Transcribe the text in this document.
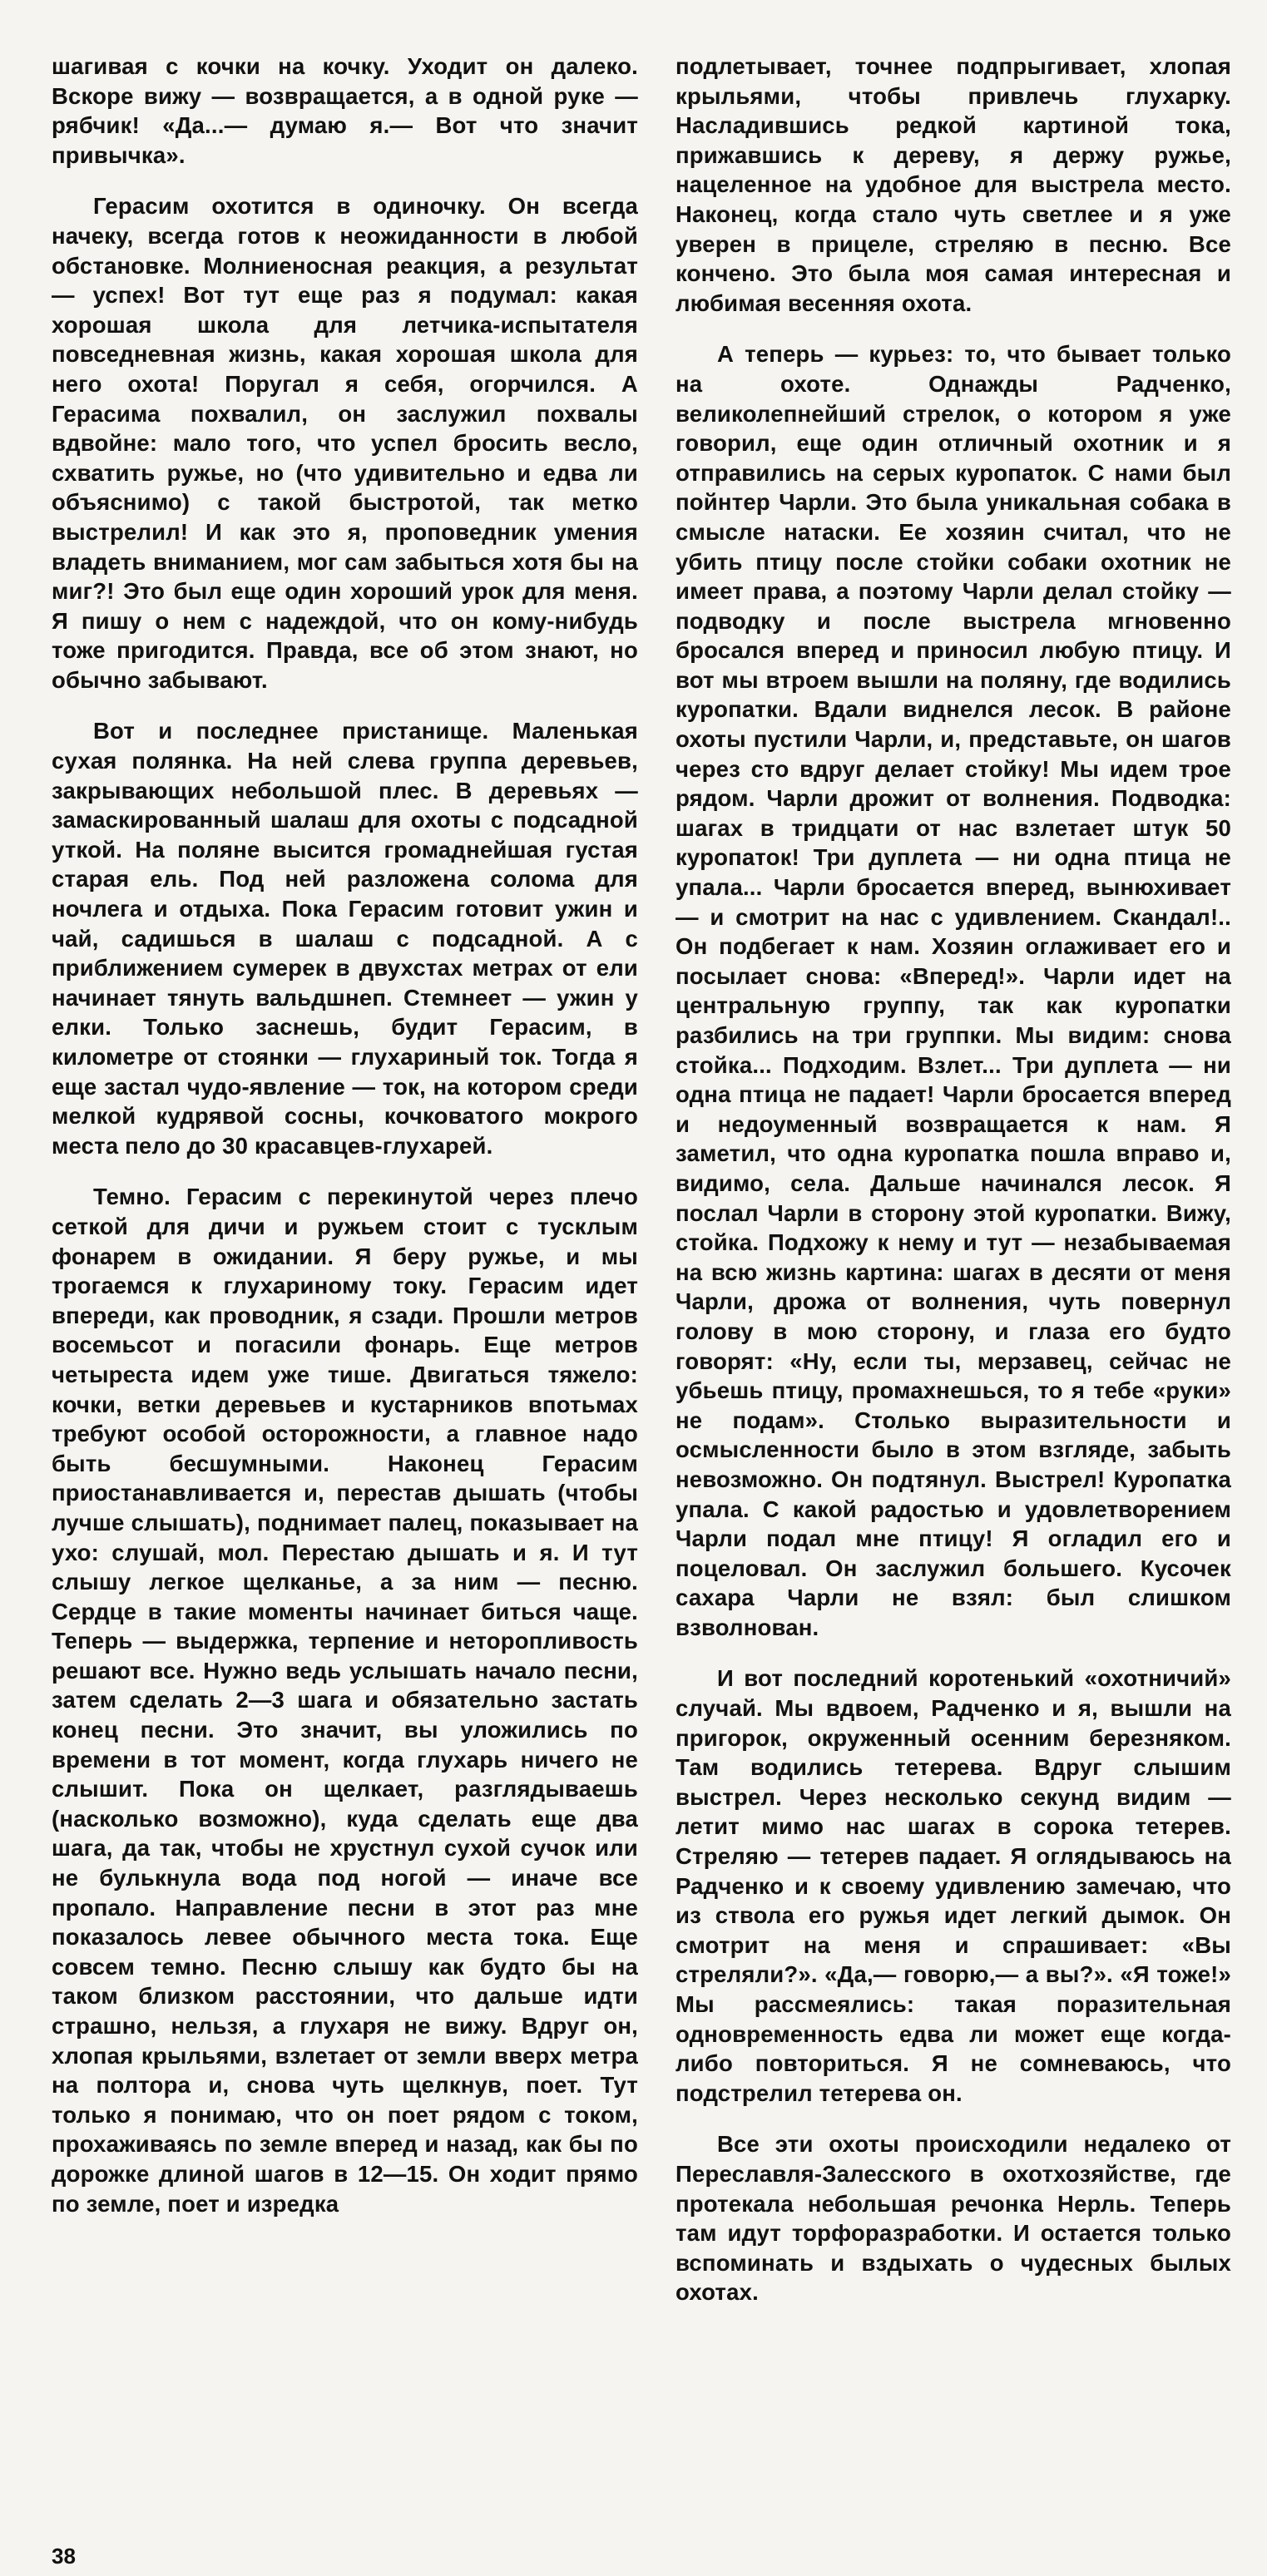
шагивая с кочки на кочку. Уходит он далеко. Вскоре вижу — возвращается, а в одной руке — рябчик! «Да...— думаю я.— Вот что значит привычка».

Герасим охотится в одиночку. Он всегда начеку, всегда готов к неожиданности в любой обстановке. Молниеносная реакция, а результат — успех! Вот тут еще раз я подумал: какая хорошая школа для летчика-испытателя повседневная жизнь, какая хорошая школа для него охота! Поругал я себя, огорчился. А Герасима похвалил, он заслужил похвалы вдвойне: мало того, что успел бросить весло, схватить ружье, но (что удивительно и едва ли объяснимо) с такой быстротой, так метко выстрелил! И как это я, проповедник умения владеть вниманием, мог сам забыться хотя бы на миг?! Это был еще один хороший урок для меня. Я пишу о нем с надеждой, что он кому-нибудь тоже пригодится. Правда, все об этом знают, но обычно забывают.

Вот и последнее пристанище. Маленькая сухая полянка. На ней слева группа деревьев, закрывающих небольшой плес. В деревьях — замаскированный шалаш для охоты с подсадной уткой. На поляне высится громаднейшая густая старая ель. Под ней разложена солома для ночлега и отдыха. Пока Герасим готовит ужин и чай, садишься в шалаш с подсадной. А с приближением сумерек в двухстах метрах от ели начинает тянуть вальдшнеп. Стемнеет — ужин у елки. Только заснешь, будит Герасим, в километре от стоянки — глухариный ток. Тогда я еще застал чудо-явление — ток, на котором среди мелкой кудрявой сосны, кочковатого мокрого места пело до 30 красавцев-глухарей.

Темно. Герасим с перекинутой через плечо сеткой для дичи и ружьем стоит с тусклым фонарем в ожидании. Я беру ружье, и мы трогаемся к глухариному току. Герасим идет впереди, как проводник, я сзади. Прошли метров восемьсот и погасили фонарь. Еще метров четыреста идем уже тише. Двигаться тяжело: кочки, ветки деревьев и кустарников впотьмах требуют особой осторожности, а главное надо быть бесшумными. Наконец Герасим приостанавливается и, перестав дышать (чтобы лучше слышать), поднимает палец, показывает на ухо: слушай, мол. Перестаю дышать и я. И тут слышу легкое щелканье, а за ним — песню. Сердце в такие моменты начинает биться чаще. Теперь — выдержка, терпение и неторопливость решают все. Нужно ведь услышать начало песни, затем сделать 2—3 шага и обязательно застать конец песни. Это значит, вы уложились по времени в тот момент, когда глухарь ничего не слышит. Пока он щелкает, разглядываешь (насколько возможно), куда сделать еще два шага, да так, чтобы не хрустнул сухой сучок или не булькнула вода под ногой — иначе все пропало. Направление песни в этот раз мне показалось левее обычного места тока. Еще совсем темно. Песню слышу как будто бы на таком близком расстоянии, что дальше идти страшно, нельзя, а глухаря не вижу. Вдруг он, хлопая крыльями, взлетает от земли вверх метра на полтора и, снова чуть щелкнув, поет. Тут только я понимаю, что он поет рядом с током, прохаживаясь по земле вперед и назад, как бы по дорожке длиной шагов в 12—15. Он ходит прямо по земле, поет и изредка

подлетывает, точнее подпрыгивает, хлопая крыльями, чтобы привлечь глухарку. Насладившись редкой картиной тока, прижавшись к дереву, я держу ружье, нацеленное на удобное для выстрела место. Наконец, когда стало чуть светлее и я уже уверен в прицеле, стреляю в песню. Все кончено. Это была моя самая интересная и любимая весенняя охота.

А теперь — курьез: то, что бывает только на охоте. Однажды Радченко, великолепнейший стрелок, о котором я уже говорил, еще один отличный охотник и я отправились на серых куропаток. С нами был пойнтер Чарли. Это была уникальная собака в смысле натаски. Ее хозяин считал, что не убить птицу после стойки собаки охотник не имеет права, а поэтому Чарли делал стойку — подводку и после выстрела мгновенно бросался вперед и приносил любую птицу. И вот мы втроем вышли на поляну, где водились куропатки. Вдали виднелся лесок. В районе охоты пустили Чарли, и, представьте, он шагов через сто вдруг делает стойку! Мы идем трое рядом. Чарли дрожит от волнения. Подводка: шагах в тридцати от нас взлетает штук 50 куропаток! Три дуплета — ни одна птица не упала... Чарли бросается вперед, вынюхивает — и смотрит на нас с удивлением. Скандал!.. Он подбегает к нам. Хозяин оглаживает его и посылает снова: «Вперед!». Чарли идет на центральную группу, так как куропатки разбились на три группки. Мы видим: снова стойка... Подходим. Взлет... Три дуплета — ни одна птица не падает! Чарли бросается вперед и недоуменный возвращается к нам. Я заметил, что одна куропатка пошла вправо и, видимо, села. Дальше начинался лесок. Я послал Чарли в сторону этой куропатки. Вижу, стойка. Подхожу к нему и тут — незабываемая на всю жизнь картина: шагах в десяти от меня Чарли, дрожа от волнения, чуть повернул голову в мою сторону, и глаза его будто говорят: «Ну, если ты, мерзавец, сейчас не убьешь птицу, промахнешься, то я тебе «руки» не подам». Столько выразительности и осмысленности было в этом взгляде, забыть невозможно. Он подтянул. Выстрел! Куропатка упала. С какой радостью и удовлетворением Чарли подал мне птицу! Я огладил его и поцеловал. Он заслужил большего. Кусочек сахара Чарли не взял: был слишком взволнован.

И вот последний коротенький «охотничий» случай. Мы вдвоем, Радченко и я, вышли на пригорок, окруженный осенним березняком. Там водились тетерева. Вдруг слышим выстрел. Через несколько секунд видим — летит мимо нас шагах в сорока тетерев. Стреляю — тетерев падает. Я оглядываюсь на Радченко и к своему удивлению замечаю, что из ствола его ружья идет легкий дымок. Он смотрит на меня и спрашивает: «Вы стреляли?». «Да,— говорю,— а вы?». «Я тоже!» Мы рассмеялись: такая поразительная одновременность едва ли может еще когда-либо повториться. Я не сомневаюсь, что подстрелил тетерева он.

Все эти охоты происходили недалеко от Переславля-Залесского в охотхозяйстве, где протекала небольшая речонка Нерль. Теперь там идут торфоразработки. И остается только вспоминать и вздыхать о чудесных былых охотах.

38
